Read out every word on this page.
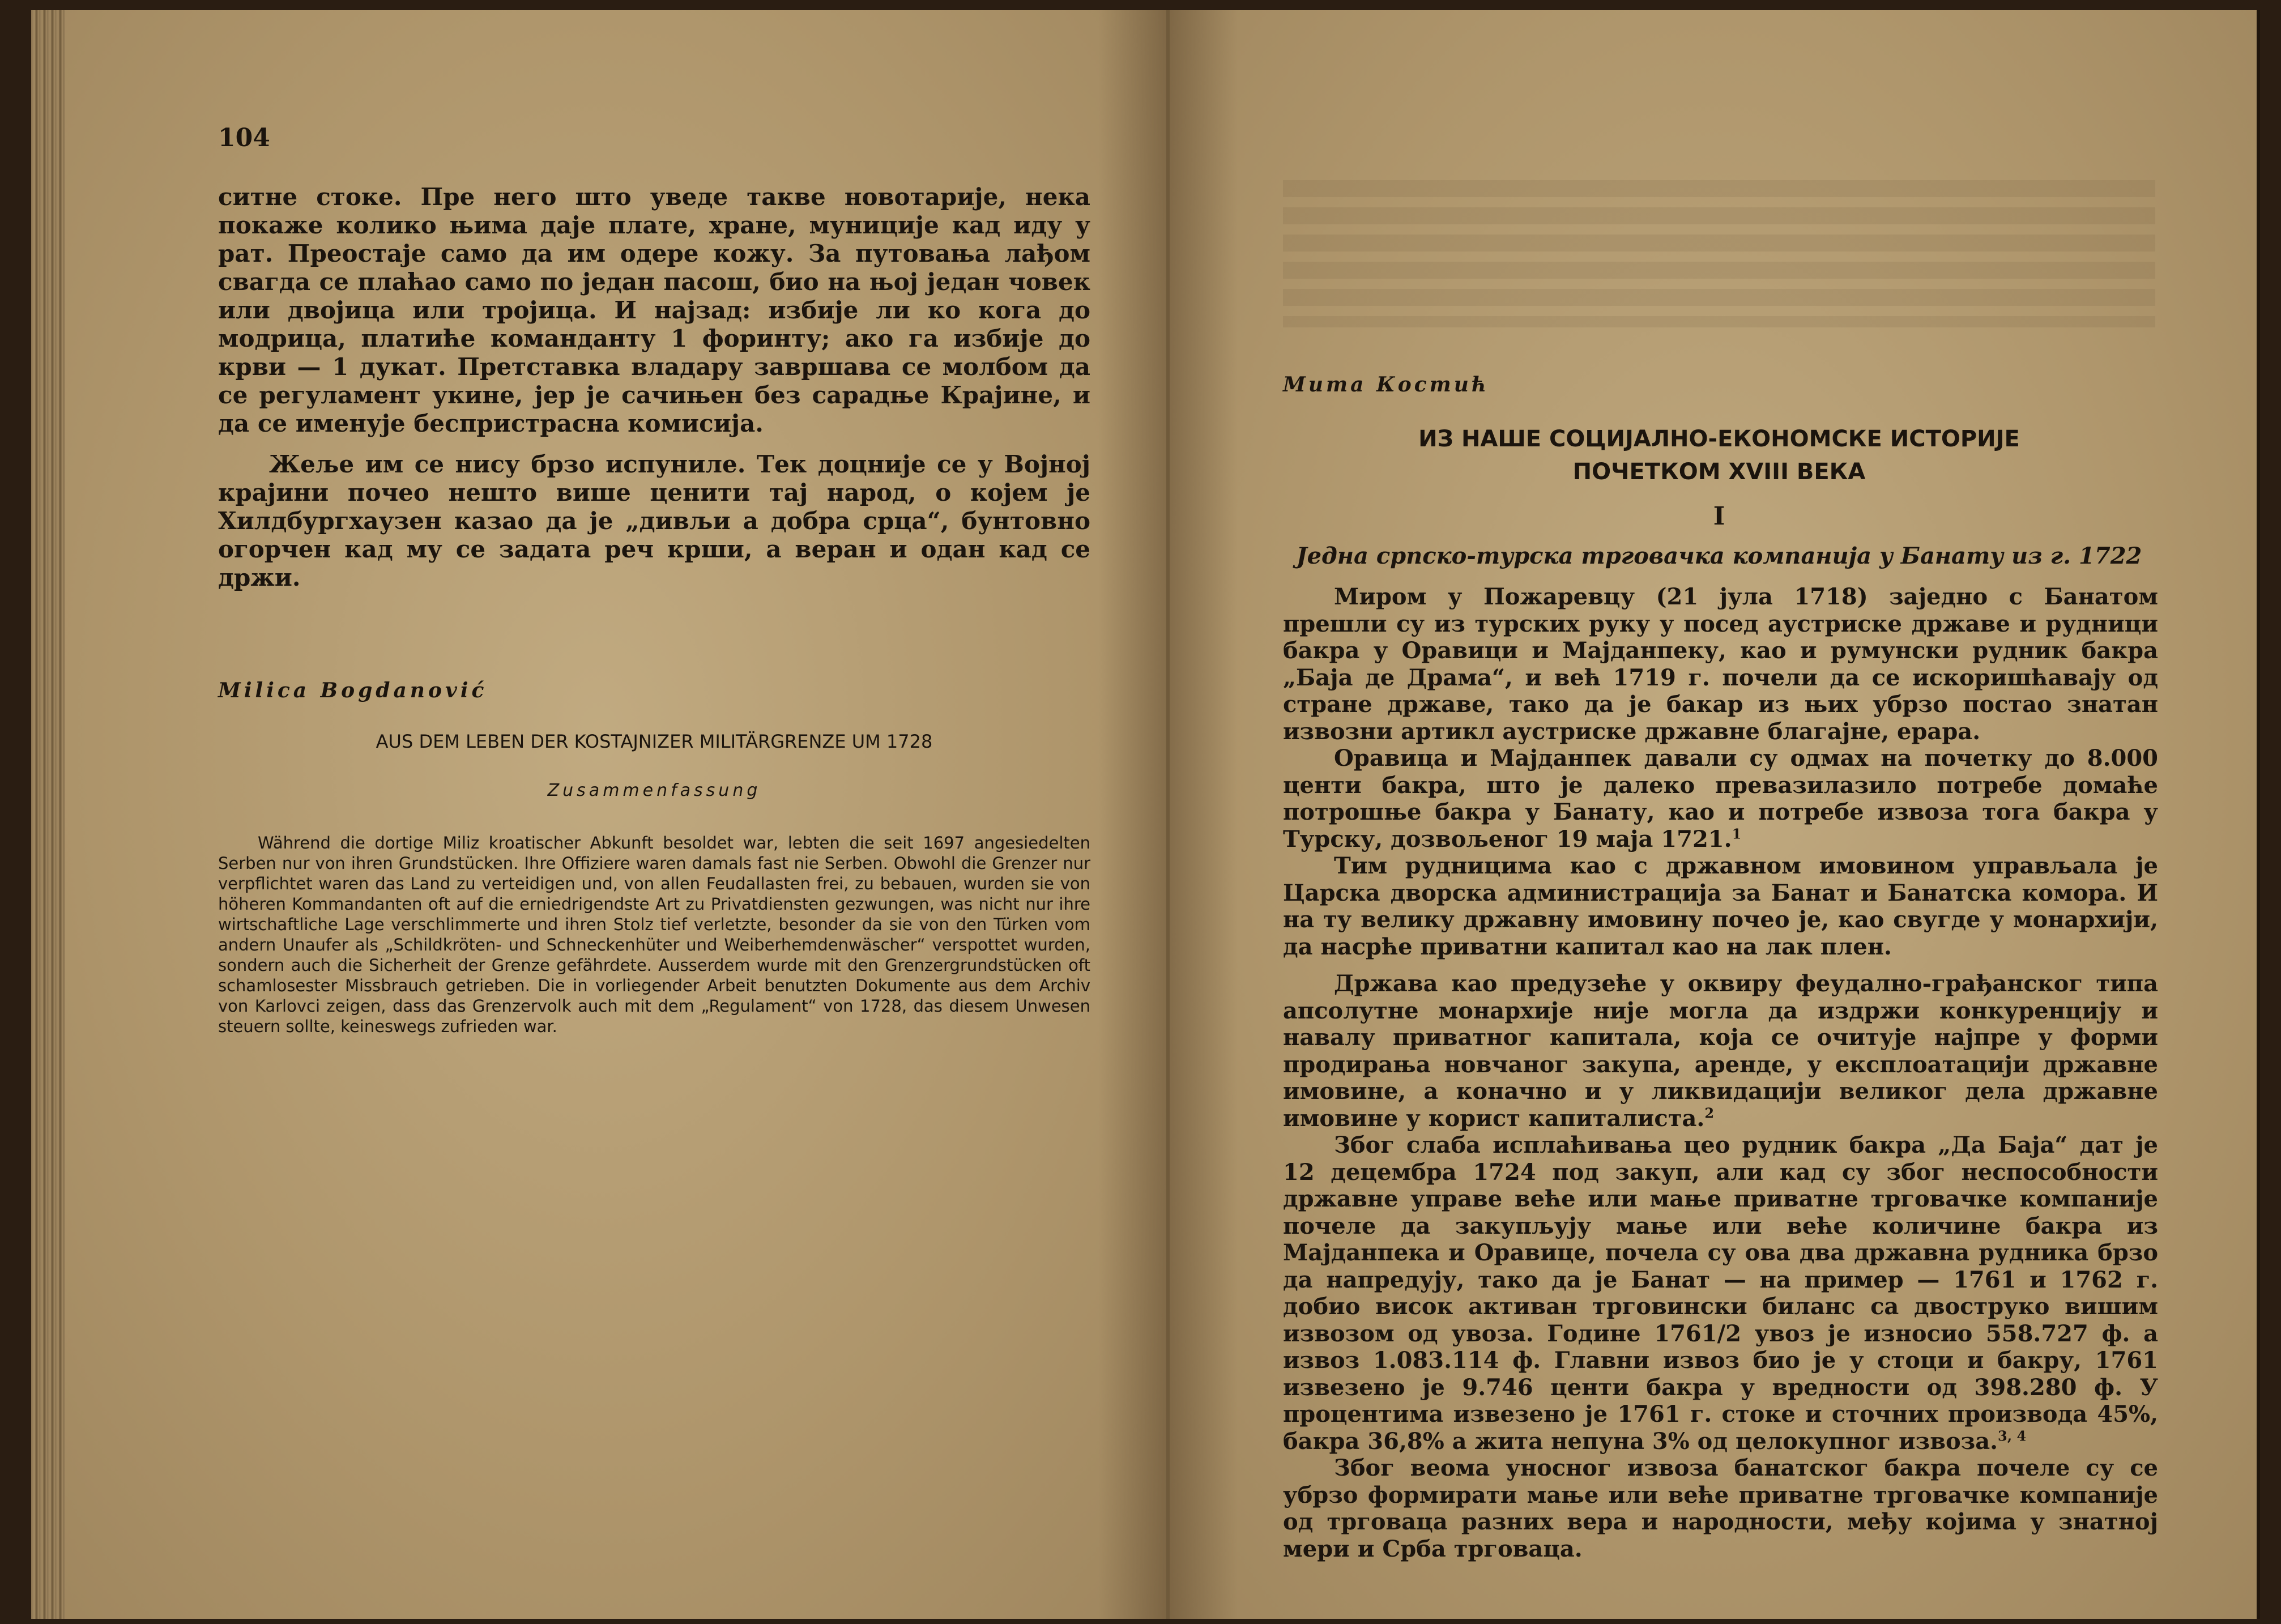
104

ситне стоке. Пре него што уведе такве новотарије, нека покаже колико њима даје плате, хране, муниције кад иду у рат. Преостаје само да им одере кожу. За путовања лађом свагда се плаћао само по један пасош, био на њој један човек или двојица или тројица. И најзад: избије ли ко кога до модрица, платиће команданту 1 форинту; ако га избије до крви — 1 дукат. Претставка владару завршава се молбом да се регуламент укине, јер је сачињен без сарадње Крајине, и да се именује беспристрасна комисија.

Жеље им се нису брзо испуниле. Тек доцније се у Војној крајини почео нешто више ценити тај народ, о којем је Хилдбургхаузен казао да је „дивљи а добра срца“, бунтовно огорчен кад му се задата реч крши, а веран и одан кад се држи.

Milica Bogdanović

AUS DEM LEBEN DER KOSTAJNIZER MILITÄRGRENZE UM 1728

Zusammenfassung

Während die dortige Miliz kroatischer Abkunft besoldet war, lebten die seit 1697 angesiedelten Serben nur von ihren Grundstücken. Ihre Offiziere waren damals fast nie Serben. Obwohl die Grenzer nur verpflichtet waren das Land zu verteidigen und, von allen Feudallasten frei, zu bebauen, wurden sie von höheren Kommandanten oft auf die erniedrigendste Art zu Privatdiensten gezwungen, was nicht nur ihre wirtschaftliche Lage verschlimmerte und ihren Stolz tief verletzte, besonder da sie von den Türken vom andern Unaufer als „Schildkröten- und Schneckenhüter und Weiberhemdenwäscher“ verspottet wurden, sondern auch die Sicherheit der Grenze gefährdete. Ausserdem wurde mit den Grenzergrundstücken oft schamlosester Missbrauch getrieben. Die in vorliegender Arbeit benutzten Dokumente aus dem Archiv von Karlovci zeigen, dass das Grenzervolk auch mit dem „Regulament“ von 1728, das diesem Unwesen steuern sollte, keineswegs zufrieden war.

Мита Костић

ИЗ НАШЕ СОЦИЈАЛНО-ЕКОНОМСКЕ ИСТОРИЈЕ
ПОЧЕТКОМ XVIII ВЕКА

I

Једна српско-турска трговачка компанија у Банату из г. 1722

Миром у Пожаревцу (21 јула 1718) заједно с Банатом прешли су из турских руку у посед аустриске државе и рудници бакра у Оравици и Мајданпеку, као и румунски рудник бакра „Баја де Драма“, и већ 1719 г. почели да се искоришћавају од стране државе, тако да је бакар из њих убрзо постао знатан извозни артикл аустриске државне благајне, ерара.

Оравица и Мајданпек давали су одмах на почетку до 8.000 центи бакра, што је далеко превазилазило потребе домаће потрошње бакра у Банату, као и потребе извоза тога бакра у Турску, дозвољеног 19 маја 1721.$^1$

Тим рудницима као с државном имовином управљала је Царска дворска администрација за Банат и Банатска комора. И на ту велику државну имовину почео је, као свугде у монархији, да насрће приватни капитал као на лак плен.

Држава као предузеће у оквиру феудално-грађанског типа апсолутне монархије није могла да издржи конкуренцију и навалу приватног капитала, која се очитује најпре у форми продирања новчаног закупа, аренде, у експлоатацији државне имовине, а коначно и у ликвидацији великог дела државне имовине у корист капиталиста.$^2$

Због слаба исплаћивања цео рудник бакра „Да Баја“ дат је 12 децембра 1724 под закуп, али кад су због неспособности државне управе веће или мање приватне трговачке компаније почеле да закупљују мање или веће количине бакра из Мајданпека и Оравице, почела су ова два државна рудника брзо да напредују, тако да је Банат — на пример — 1761 и 1762 г. добио висок активан трговински биланс са двоструко вишим извозом од увоза. Године 1761/2 увоз је износио 558.727 ф. а извоз 1.083.114 ф. Главни извоз био је у стоци и бакру, 1761 извезено је 9.746 центи бакра у вредности од 398.280 ф. У процентима извезено је 1761 г. стоке и сточних производа 45%, бакра 36,8% а жита непуна 3% од целокупног извоза.$^{3, 4}$

Због веома уносног извоза банатског бакра почеле су се убрзо формирати мање или веће приватне трговачке компаније од трговаца разних вера и народности, међу којима у знатној мери и Срба трговаца.
